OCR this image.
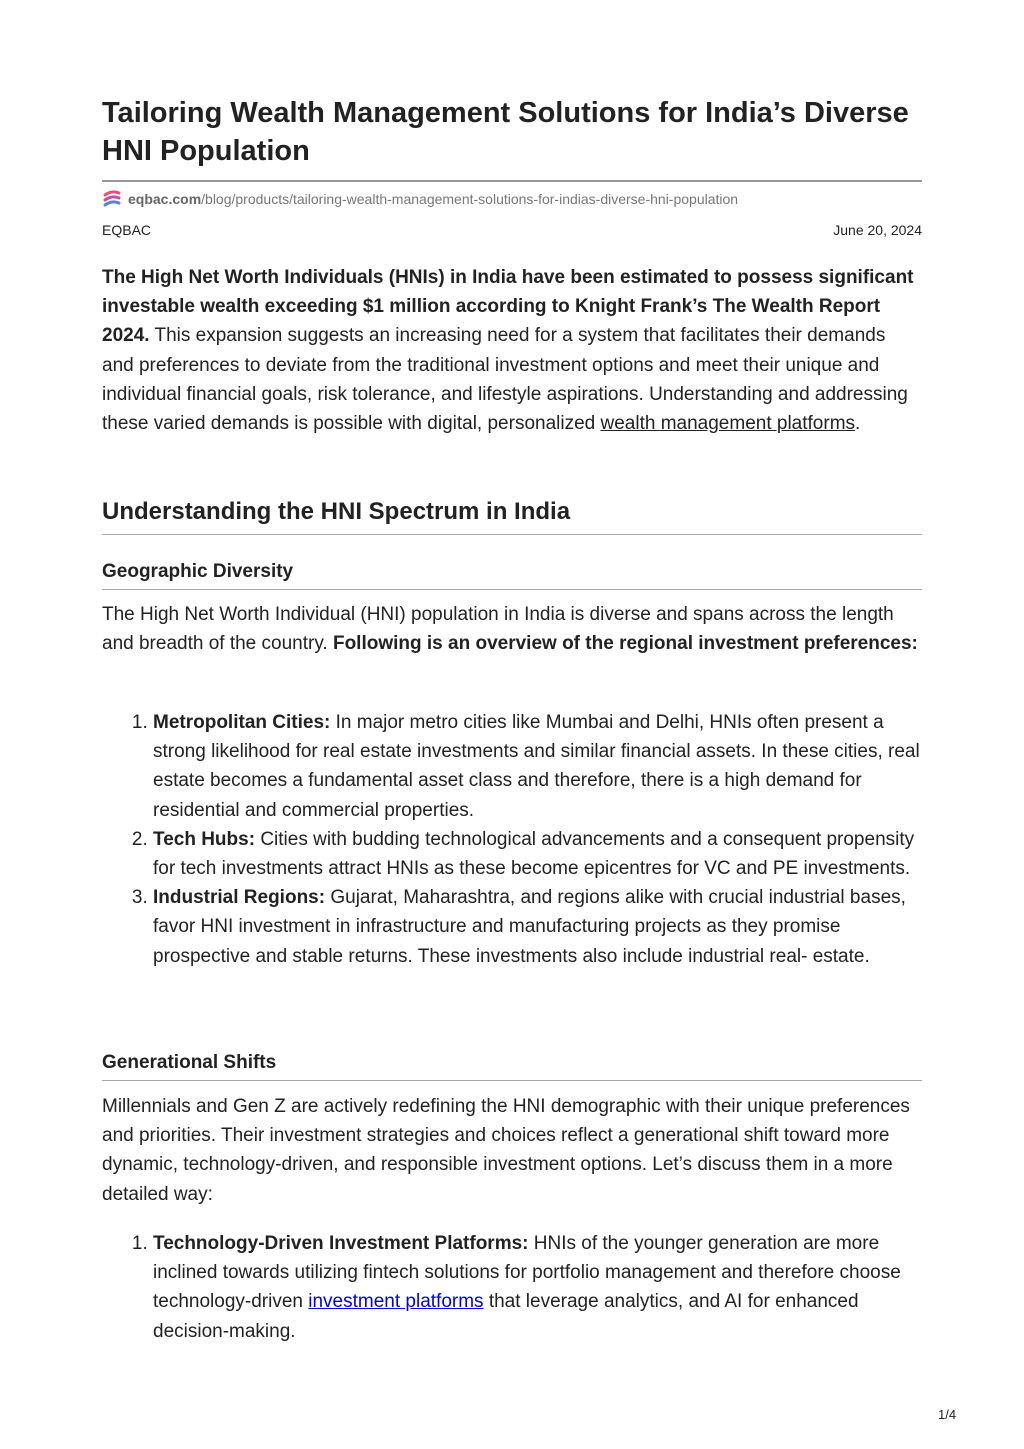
Tailoring Wealth Management Solutions for India’s Diverse HNI Population
eqbac.com /blog/products/tailoring-wealth-management-solutions-for-indias-diverse-hni-population
EQBAC	June 20, 2024

The High Net Worth Individuals (HNIs) in India have been estimated to possess significant investable wealth exceeding $1 million according to Knight Frank’s The Wealth Report 2024. This expansion suggests an increasing need for a system that facilitates their demands and preferences to deviate from the traditional investment options and meet their unique and individual financial goals, risk tolerance, and lifestyle aspirations. Understanding and addressing these varied demands is possible with digital, personalized wealth management platforms.

Understanding the HNI Spectrum in India
Geographic Diversity

The High Net Worth Individual (HNI) population in India is diverse and spans across the length and breadth of the country. Following is an overview of the regional investment preferences:

1. Metropolitan Cities: In major metro cities like Mumbai and Delhi, HNIs often present a strong likelihood for real estate investments and similar financial assets. In these cities, real estate becomes a fundamental asset class and therefore, there is a high demand for residential and commercial properties.
2. Tech Hubs: Cities with budding technological advancements and a consequent propensity for tech investments attract HNIs as these become epicentres for VC and PE investments.
3. Industrial Regions: Gujarat, Maharashtra, and regions alike with crucial industrial bases, favor HNI investment in infrastructure and manufacturing projects as they promise prospective and stable returns. These investments also include industrial real- estate.
Generational Shifts

Millennials and Gen Z are actively redefining the HNI demographic with their unique preferences and priorities. Their investment strategies and choices reflect a generational shift toward more dynamic, technology-driven, and responsible investment options. Let’s discuss them in a more detailed way:

1. Technology-Driven Investment Platforms: HNIs of the younger generation are more inclined towards utilizing fintech solutions for portfolio management and therefore choose technology-driven investment platforms that leverage analytics, and AI for enhanced decision-making.
1/4
